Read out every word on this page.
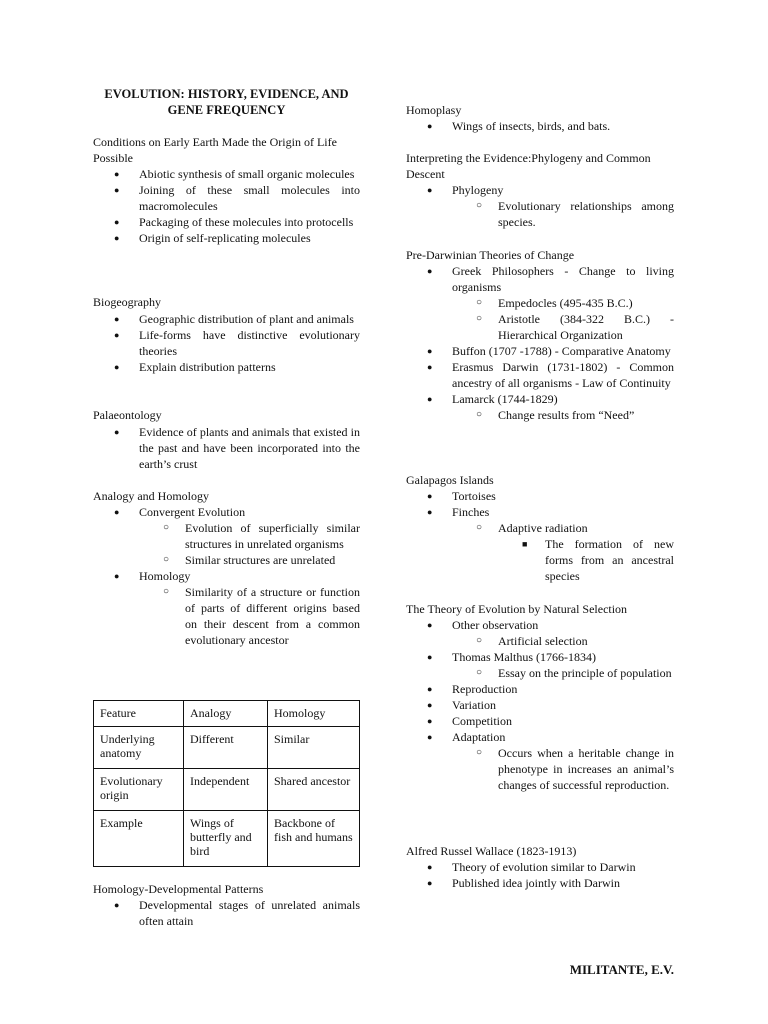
EVOLUTION: HISTORY, EVIDENCE, AND GENE FREQUENCY
Conditions on Early Earth Made the Origin of Life Possible
● Abiotic synthesis of small organic molecules
● Joining of these small molecules into macromolecules
● Packaging of these molecules into protocells
● Origin of self-replicating molecules
Biogeography
● Geographic distribution of plant and animals
● Life-forms have distinctive evolutionary theories
● Explain distribution patterns
Palaeontology
● Evidence of plants and animals that existed in the past and have been incorporated into the earth’s crust
Analogy and Homology
● Convergent Evolution
○ Evolution of superficially similar structures in unrelated organisms
○ Similar structures are unrelated
● Homology
○ Similarity of a structure or function of parts of different origins based on their descent from a common evolutionary ancestor
Feature	Analogy	Homology
Underlying anatomy	Different	Similar
Evolutionary origin	Independent	Shared ancestor
Example	Wings of butterfly and bird	Backbone of fish and humans
Homology-Developmental Patterns
● Developmental stages of unrelated animals often attain
Homoplasy
● Wings of insects, birds, and bats.
Interpreting the Evidence:Phylogeny and Common Descent
● Phylogeny
○ Evolutionary relationships among species.
Pre-Darwinian Theories of Change
● Greek Philosophers - Change to living organisms
○ Empedocles (495-435 B.C.)
○ Aristotle (384-322 B.C.) - Hierarchical Organization
● Buffon (1707 -1788) - Comparative Anatomy
● Erasmus Darwin (1731-1802) - Common ancestry of all organisms - Law of Continuity
● Lamarck (1744-1829)
○ Change results from “Need”
Galapagos Islands
● Tortoises
● Finches
○ Adaptive radiation
■ The formation of new forms from an ancestral species
The Theory of Evolution by Natural Selection
● Other observation
○ Artificial selection
● Thomas Malthus (1766-1834)
○ Essay on the principle of population
● Reproduction
● Variation
● Competition
● Adaptation
○ Occurs when a heritable change in phenotype in increases an animal’s changes of successful reproduction.
Alfred Russel Wallace (1823-1913)
● Theory of evolution similar to Darwin
● Published idea jointly with Darwin
MILITANTE, E.V.
